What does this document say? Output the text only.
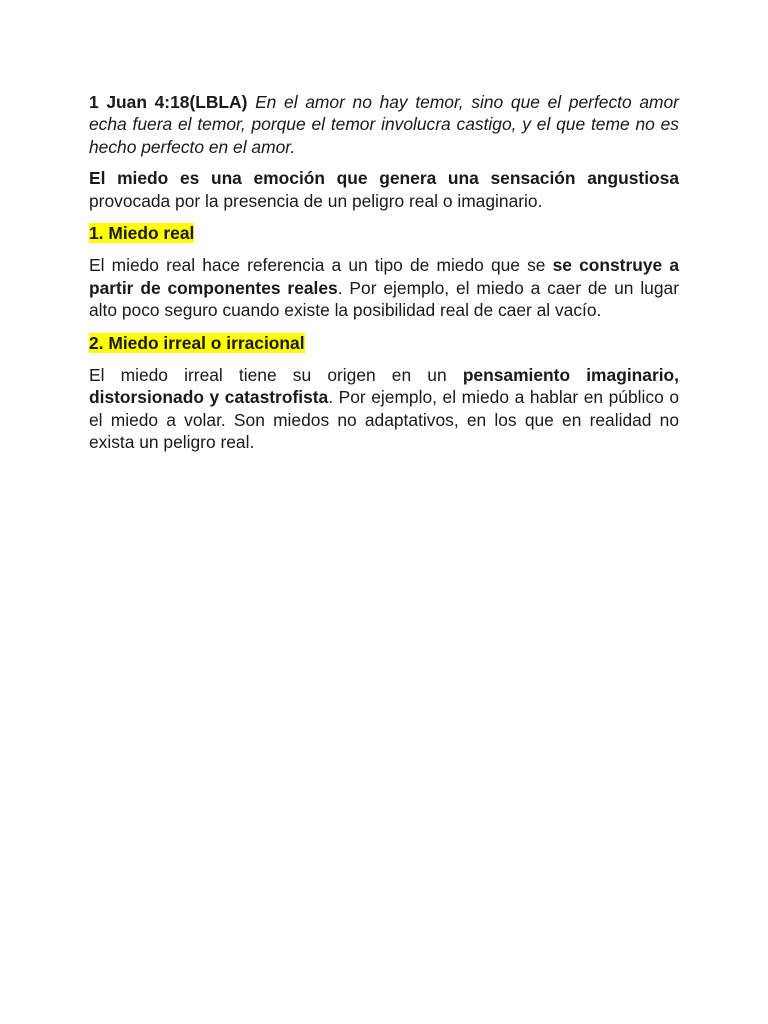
1 Juan 4:18(LBLA) En el amor no hay temor, sino que el perfecto amor echa fuera el temor, porque el temor involucra castigo, y el que teme no es hecho perfecto en el amor.

El miedo es una emoción que genera una sensación angustiosa provocada por la presencia de un peligro real o imaginario.

1. Miedo real

El miedo real hace referencia a un tipo de miedo que se se construye a partir de componentes reales. Por ejemplo, el miedo a caer de un lugar alto poco seguro cuando existe la posibilidad real de caer al vacío.

2. Miedo irreal o irracional

El miedo irreal tiene su origen en un pensamiento imaginario, distorsionado y catastrofista. Por ejemplo, el miedo a hablar en público o el miedo a volar. Son miedos no adaptativos, en los que en realidad no exista un peligro real.
